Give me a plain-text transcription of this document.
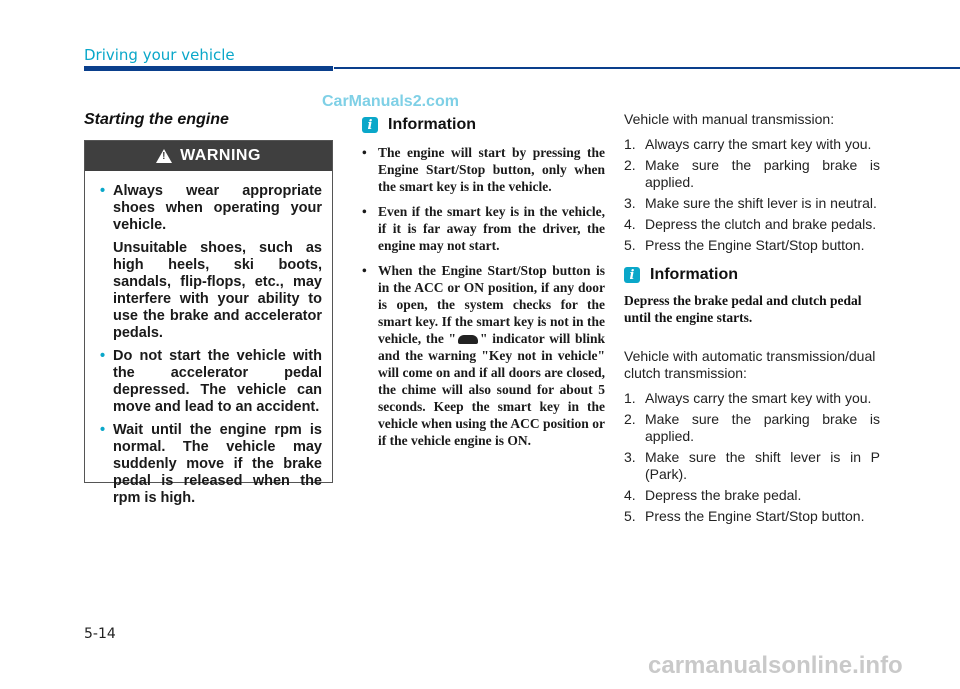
Driving your vehicle
CarManuals2.com
Starting the engine
!
WARNING
• Always wear appropriate shoes when operating your vehicle.

Unsuitable shoes, such as high heels, ski boots, sandals, flip-flops, etc., may interfere with your ability to use the brake and accelerator pedals.

• Do not start the vehicle with the accelerator pedal depressed. The vehicle can move and lead to an accident.

• Wait until the engine rpm is normal. The vehicle may suddenly move if the brake pedal is released when the rpm is high.

i Information
• The engine will start by pressing the Engine Start/Stop button, only when the smart key is in the vehicle.
• Even if the smart key is in the vehicle, if it is far away from the driver, the engine may not start.
• When the Engine Start/Stop button is in the ACC or ON position, if any door is open, the system checks for the smart key. If the smart key is not in the vehicle, the " " indicator will blink and the warning "Key not in vehicle" will come on and if all doors are closed, the chime will also sound for about 5 seconds. Keep the smart key in the vehicle when using the ACC position or if the vehicle engine is ON.

Vehicle with manual transmission:

1. Always carry the smart key with you.
2. Make sure the parking brake is applied.
3. Make sure the shift lever is in neutral.
4. Depress the clutch and brake pedals.
5. Press the Engine Start/Stop button.
i Information

Depress the brake pedal and clutch pedal until the engine starts.

Vehicle with automatic transmission/dual clutch transmission:

1. Always carry the smart key with you.
2. Make sure the parking brake is applied.
3. Make sure the shift lever is in P (Park).
4. Depress the brake pedal.
5. Press the Engine Start/Stop button.
5-14
carmanualsonline.info
